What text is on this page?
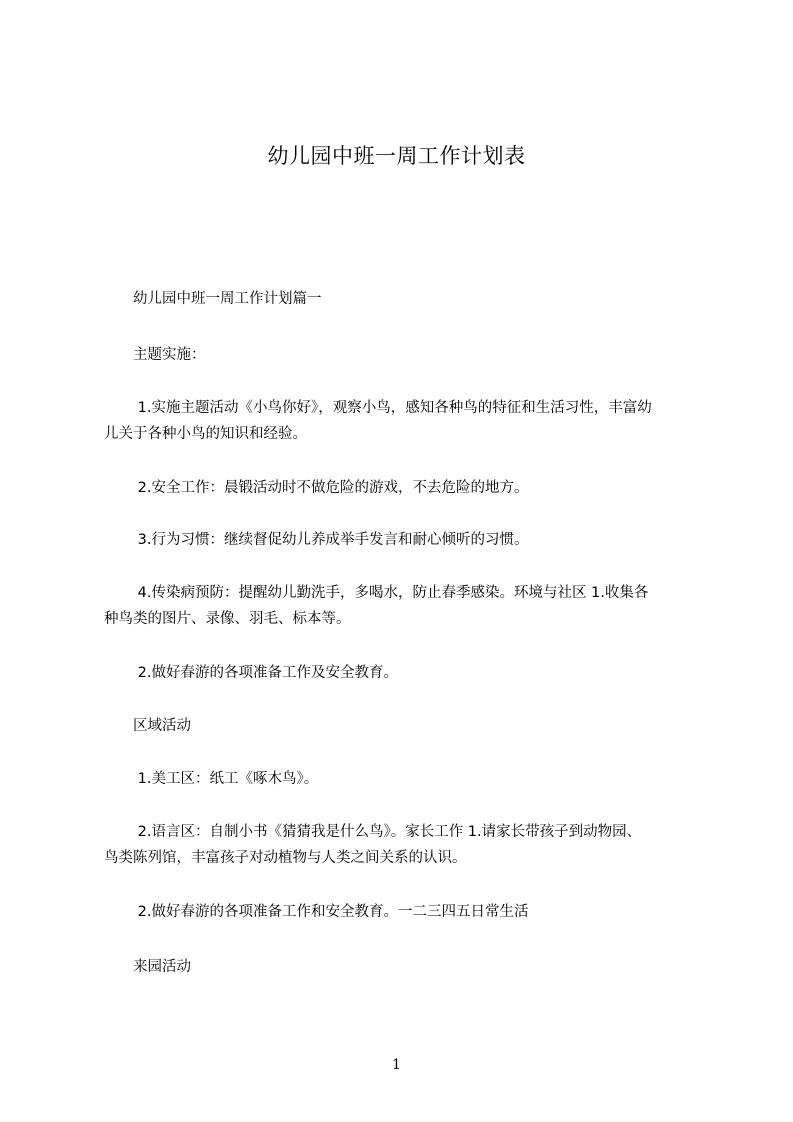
幼儿园中班一周工作计划表
　　幼儿园中班一周工作计划篇一
　　主题实施：
　　 1.实施主题活动《小鸟你好》，观察小鸟，感知各种鸟的特征和生活习性，丰富幼
儿关于各种小鸟的知识和经验。
　　 2.安全工作：晨锻活动时不做危险的游戏，不去危险的地方。
　　 3.行为习惯：继续督促幼儿养成举手发言和耐心倾听的习惯。
　　 4.传染病预防：提醒幼儿勤洗手，多喝水，防止春季感染。环境与社区 1.收集各
种鸟类的图片、录像、羽毛、标本等。
　　 2.做好春游的各项准备工作及安全教育。
　　区域活动
　　 1.美工区：纸工《啄木鸟》。
　　 2.语言区：自制小书《猜猜我是什么鸟》。家长工作 1.请家长带孩子到动物园、
鸟类陈列馆，丰富孩子对动植物与人类之间关系的认识。
　　 2.做好春游的各项准备工作和安全教育。一二三四五日常生活
　　来园活动
1
